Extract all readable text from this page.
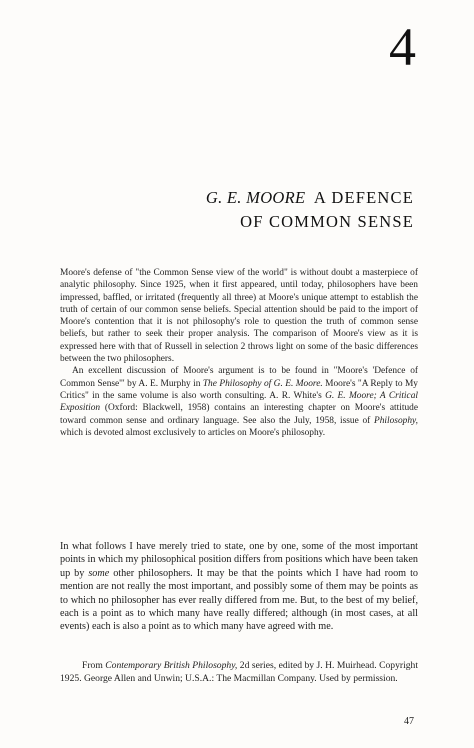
4
G. E. MOORE A DEFENCE
OF COMMON SENSE

Moore's defense of "the Common Sense view of the world" is without doubt a masterpiece of analytic philosophy. Since 1925, when it first appeared, until today, philosophers have been impressed, baffled, or irritated (frequently all three) at Moore's unique attempt to establish the truth of certain of our common sense beliefs. Special attention should be paid to the import of Moore's contention that it is not philosophy's role to question the truth of common sense beliefs, but rather to seek their proper analysis. The comparison of Moore's view as it is expressed here with that of Russell in selection 2 throws light on some of the basic differences between the two philosophers.

An excellent discussion of Moore's argument is to be found in "Moore's 'Defence of Common Sense'" by A. E. Murphy in The Philosophy of G. E. Moore. Moore's "A Reply to My Critics" in the same volume is also worth consulting. A. R. White's G. E. Moore; A Critical Exposition (Oxford: Blackwell, 1958) contains an interesting chapter on Moore's attitude toward common sense and ordinary language. See also the July, 1958, issue of Philosophy, which is devoted almost exclusively to articles on Moore's philosophy.

In what follows I have merely tried to state, one by one, some of the most important points in which my philosophical position differs from positions which have been taken up by some other philosophers. It may be that the points which I have had room to mention are not really the most important, and possibly some of them may be points as to which no philosopher has ever really differed from me. But, to the best of my belief, each is a point as to which many have really differed; although (in most cases, at all events) each is also a point as to which many have agreed with me.

From Contemporary British Philosophy, 2d series, edited by J. H. Muirhead. Copyright 1925. George Allen and Unwin; U.S.A.: The Macmillan Company. Used by permission.

47
